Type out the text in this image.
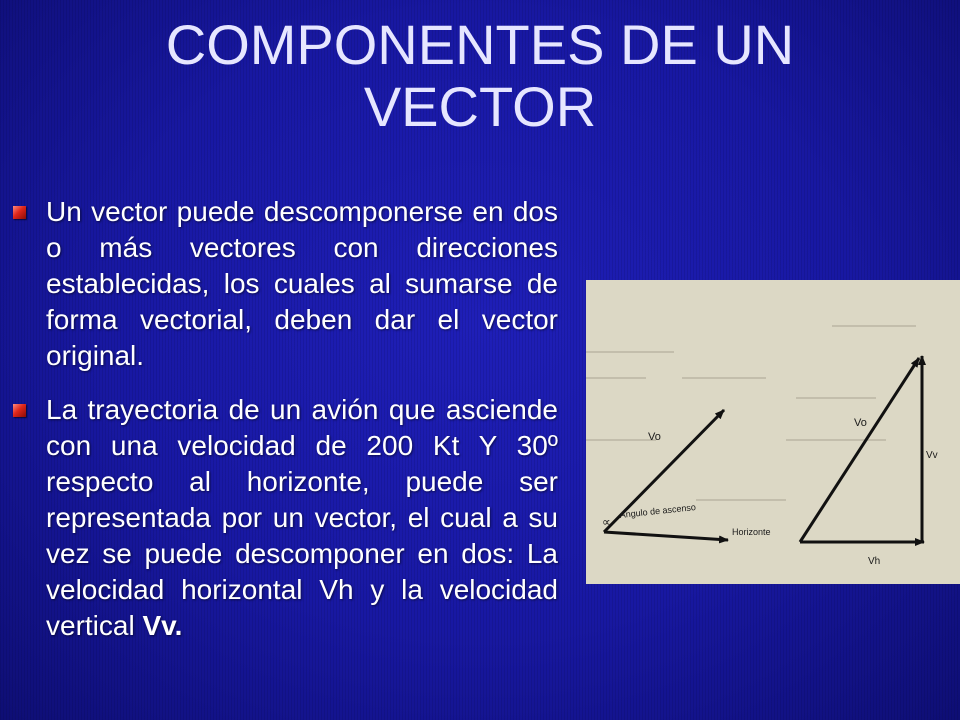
COMPONENTES DE UN
VECTOR
Un vector puede descomponerse en dos o más vectores con direcciones establecidas, los cuales al sumarse de forma vectorial, deben dar el vector original.
La trayectoria de un avión que asciende con una velocidad de 200 Kt Y 30º respecto al horizonte, puede ser representada por un vector, el cual a su vez se puede descomponer en dos: La velocidad horizontal Vh y la velocidad vertical Vv.
Vo
∝
Angulo de ascenso
Horizonte
Vo
Vv
Vh
